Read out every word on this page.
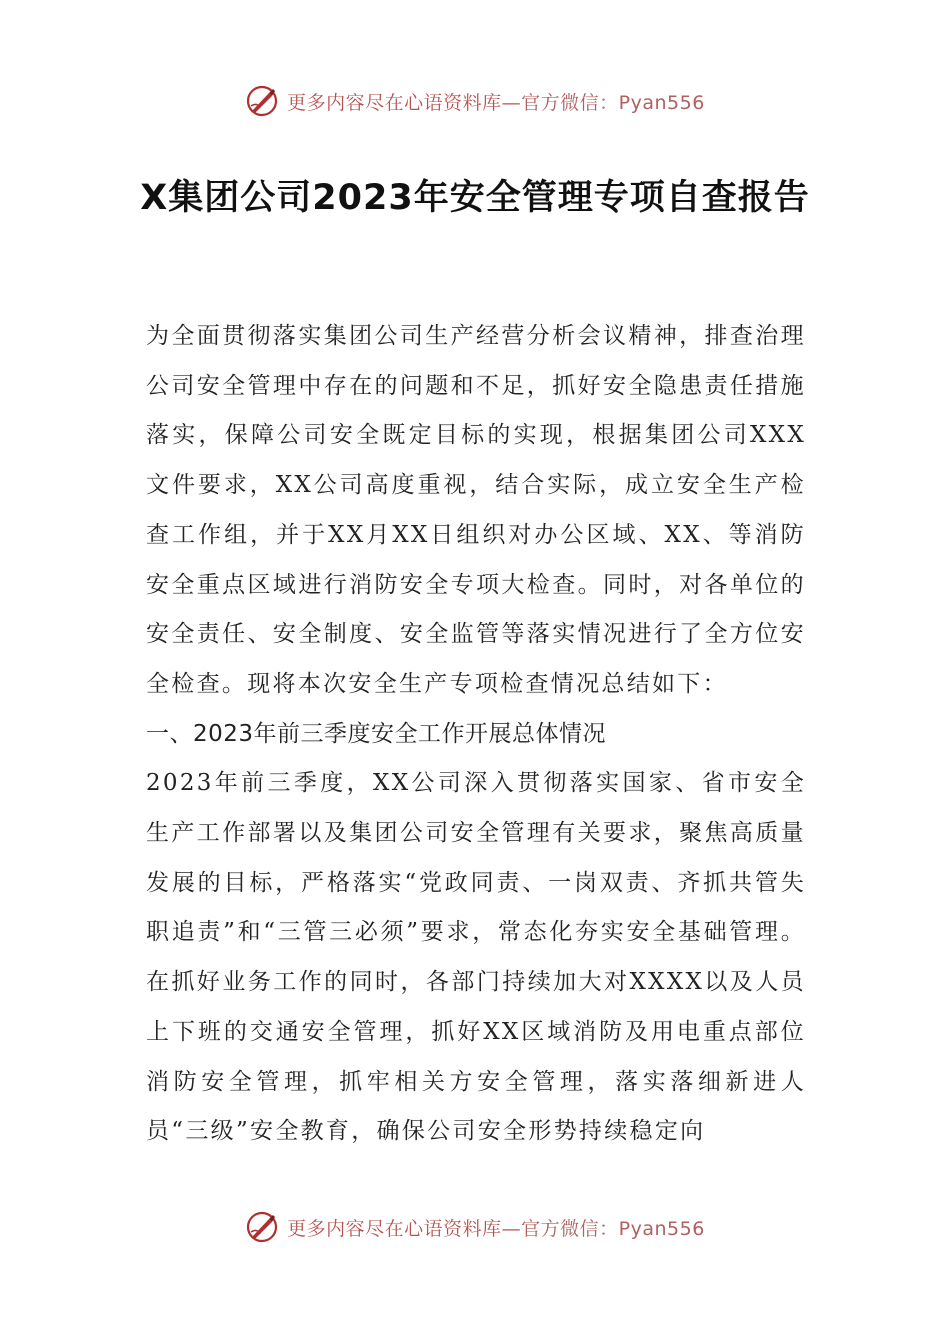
更多内容尽在心语资料库—官方微信：Pyan556
X集团公司2023年安全管理专项自查报告

为全面贯彻落实集团公司生产经营分析会议精神，排查治理公司安全管理中存在的问题和不足，抓好安全隐患责任措施落实，保障公司安全既定目标的实现，根据集团公司XXX文件要求，XX公司高度重视，结合实际，成立安全生产检查工作组，并于XX月XX日组织对办公区域、XX、等消防安全重点区域进行消防安全专项大检查。同时，对各单位的安全责任、安全制度、安全监管等落实情况进行了全方位安全检查。现将本次安全生产专项检查情况总结如下：

一、2023年前三季度安全工作开展总体情况

2023年前三季度，XX公司深入贯彻落实国家、省市安全生产工作部署以及集团公司安全管理有关要求，聚焦高质量发展的目标，严格落实“党政同责、一岗双责、齐抓共管失职追责”和“三管三必须”要求，常态化夯实安全基础管理。在抓好业务工作的同时，各部门持续加大对XXXX以及人员上下班的交通安全管理，抓好XX区域消防及用电重点部位消防安全管理，抓牢相关方安全管理，落实落细新进人员“三级”安全教育，确保公司安全形势持续稳定向

更多内容尽在心语资料库—官方微信：Pyan556
